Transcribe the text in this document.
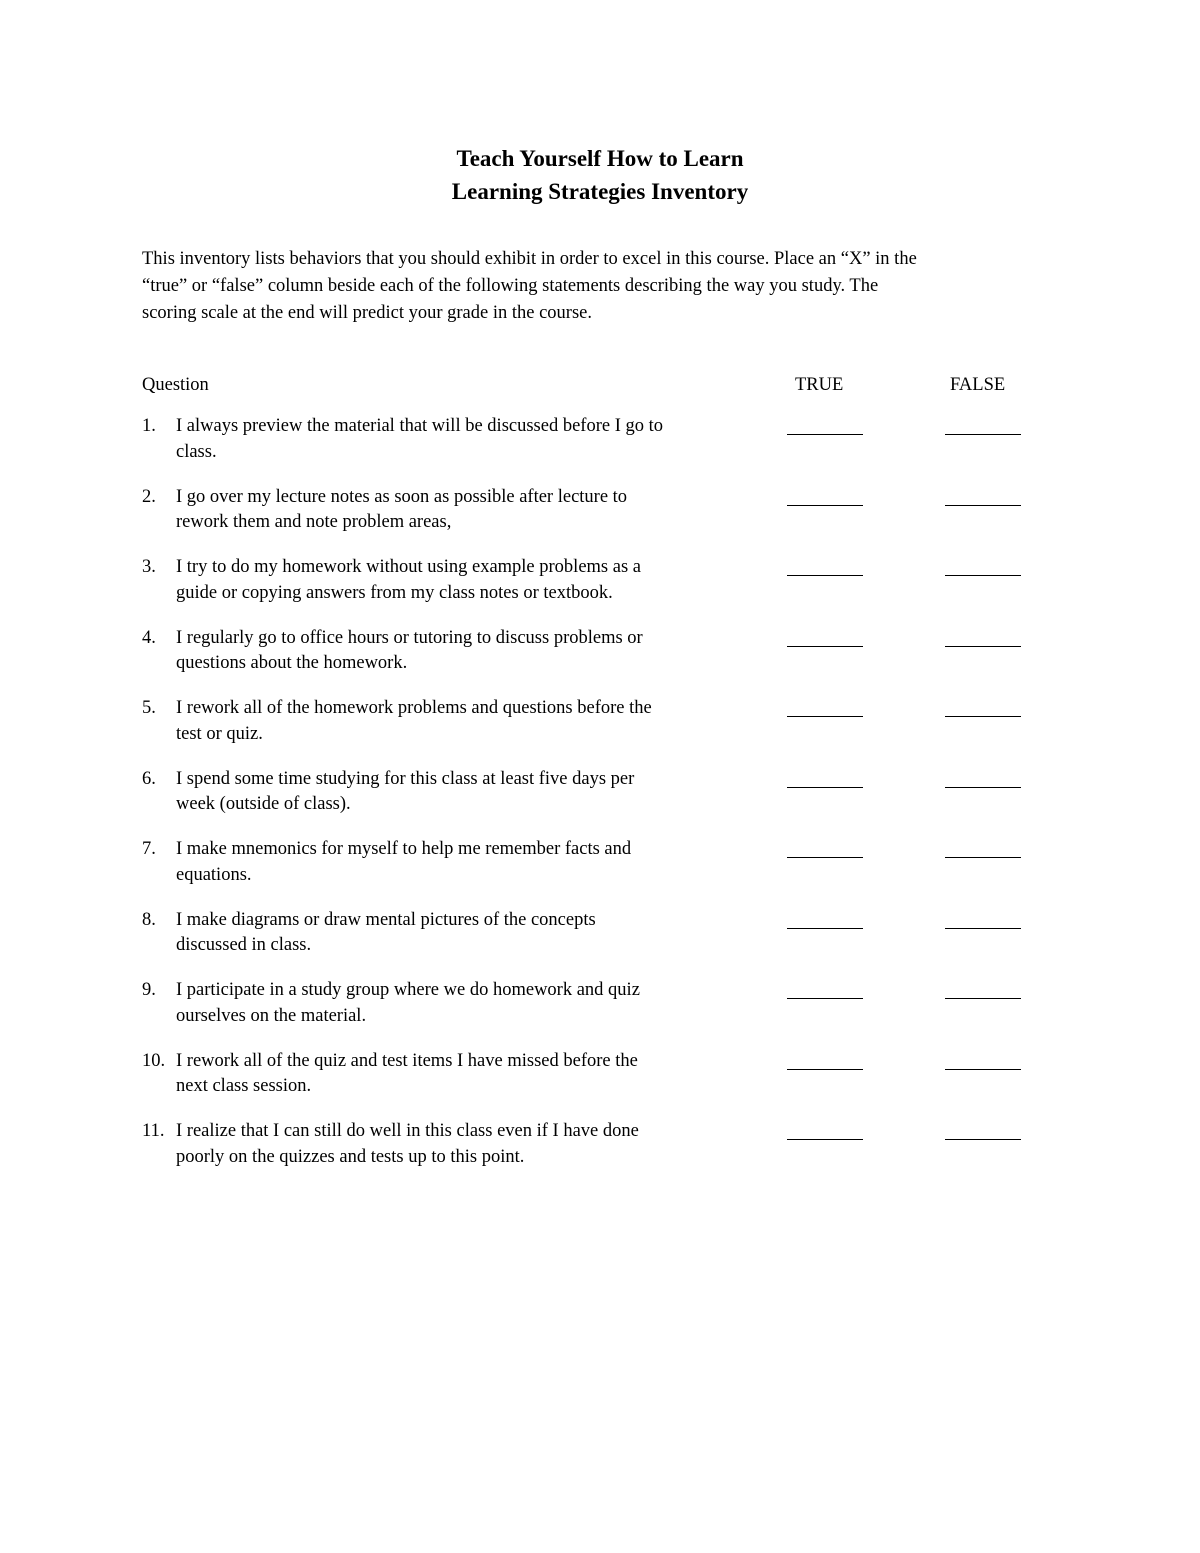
Teach Yourself How to Learn
Learning Strategies Inventory
This inventory lists behaviors that you should exhibit in order to excel in this course. Place an “X” in the
“true” or “false” column beside each of the following statements describing the way you study. The
scoring scale at the end will predict your grade in the course.
Question	TRUE	FALSE
1.	I always preview the material that will be discussed before I go to
class.
2.	I go over my lecture notes as soon as possible after lecture to
rework them and note problem areas,
3.	I try to do my homework without using example problems as a
guide or copying answers from my class notes or textbook.
4.	I regularly go to office hours or tutoring to discuss problems or
questions about the homework.
5.	I rework all of the homework problems and questions before the
test or quiz.
6.	I spend some time studying for this class at least five days per
week (outside of class).
7.	I make mnemonics for myself to help me remember facts and
equations.
8.	I make diagrams or draw mental pictures of the concepts
discussed in class.
9.	I participate in a study group where we do homework and quiz
ourselves on the material.
10. I rework all of the quiz and test items I have missed before the
next class session.
11. I realize that I can still do well in this class even if I have done
poorly on the quizzes and tests up to this point.
